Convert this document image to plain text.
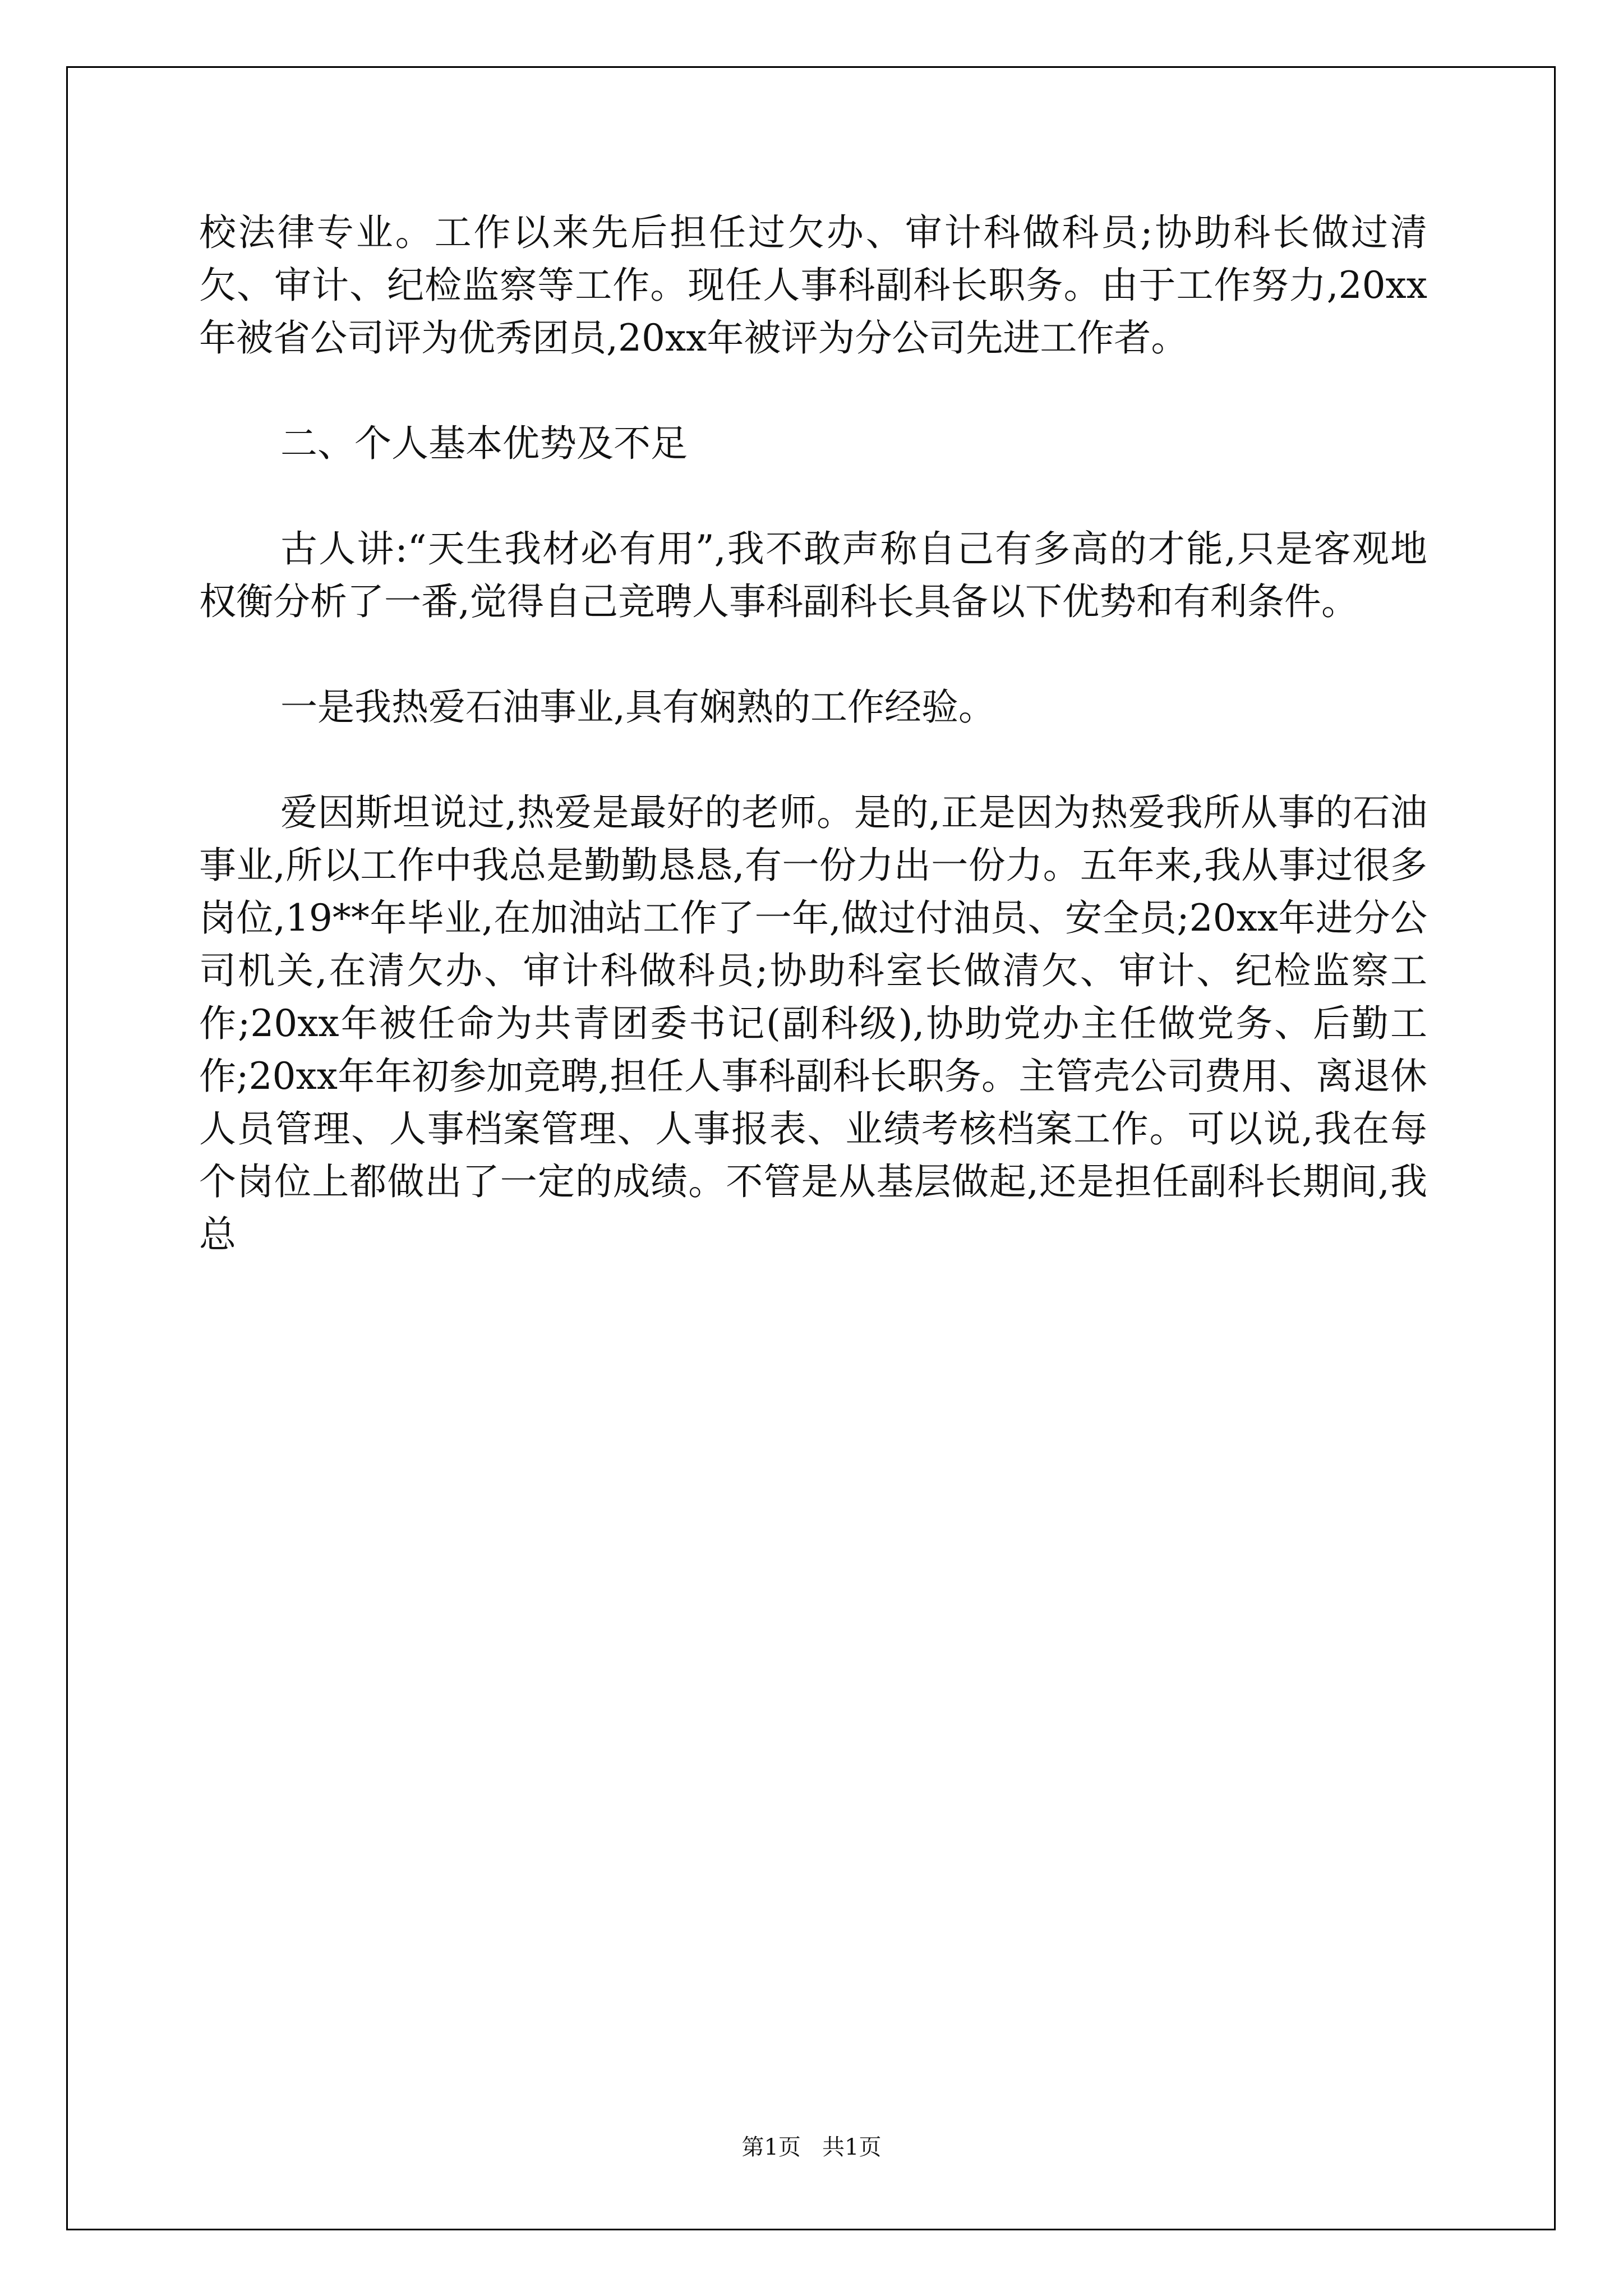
校法律专业。工作以来先后担任过欠办、审计科做科员;协助科长做过清欠、审计、纪检监察等工作。现任人事科副科长职务。由于工作努力,20xx年被省公司评为优秀团员,20xx年被评为分公司先进工作者。

二、个人基本优势及不足

古人讲:“天生我材必有用”,我不敢声称自己有多高的才能,只是客观地权衡分析了一番,觉得自己竞聘人事科副科长具备以下优势和有利条件。

一是我热爱石油事业,具有娴熟的工作经验。

爱因斯坦说过,热爱是最好的老师。是的,正是因为热爱我所从事的石油事业,所以工作中我总是勤勤恳恳,有一份力出一份力。五年来,我从事过很多岗位,19**年毕业,在加油站工作了一年,做过付油员、安全员;20xx年进分公司机关,在清欠办、审计科做科员;协助科室长做清欠、审计、纪检监察工作;20xx年被任命为共青团委书记(副科级),协助党办主任做党务、后勤工作;20xx年年初参加竞聘,担任人事科副科长职务。主管壳公司费用、离退休人员管理、人事档案管理、人事报表、业绩考核档案工作。可以说,我在每个岗位上都做出了一定的成绩。不管是从基层做起,还是担任副科长期间,我总

第1页   共1页
